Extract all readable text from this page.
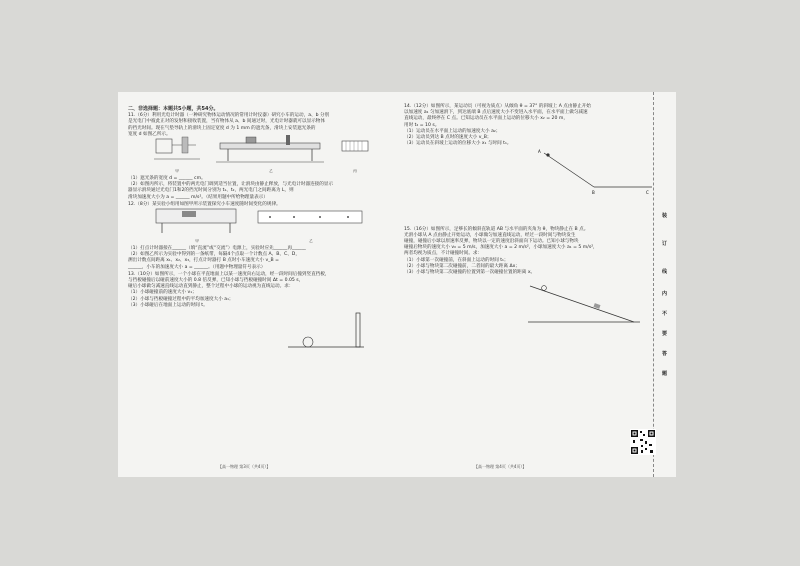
二、非选择题：本题共5小题，共54分。

11.（6分）利用光电计时器（一种研究物体运动情况的常用计时仪器）研究小车的运动，a、b 分别

是光电门中彼此正对的发射和接收装置，当有物体从 a、b 间通过时，光电计时器就可以显示物体

的挡光时间。现在气垫导轨上的滑块上固定宽度 d 为 1 mm 的遮光条，滑块上安装遮光条的

宽度 d 如图乙所示。

甲	乙	丙

（1）遮光条的宽度 d = ______ cm。

（2）如图丙所示，将装置中的两光电门调到适当位置，让滑块由静止释放，与光电计时器连接的显示

器显示滑块通过光电门1和2的挡光时间分别为 t₁、t₂，两光电门之间距离为 L，则

滑块加速度大小为 a = ______ m/s²。（结果用题中所给物理量表示）

12.（8分）某实验小组用如图甲所示装置探究小车速度随时间变化的规律。

甲	乙

（1）打点计时器接在______（填“直流”或“交流”）电源上，实验时应先______再______

（2）如图乙所示为实验中得到的一条纸带，每隔4个点取一个计数点 A、B、C、D，

测出计数点间距离 x₁、x₂、x₃，打点计时器打 B 点时小车速度大小 v_B =

______，小车的加速度大小 a = ______。（用题中物理量符号表示）

13.（10分）如图所示，一个小球在平直地面上以某一速度向右运动，经一段时间后撞到竖直挡板，

与挡板碰撞后以碰前速度大小的 0.8 倍反弹，已知小球与挡板碰撞时间 Δt = 0.05 s，

碰后小球做匀减速直线运动直到静止，整个过程中小球的运动视为直线运动。求：

（1）小球碰撞前的速度大小 v₁；

（2）小球与挡板碰撞过程中的平均加速度大小 a₁；

（3）小球碰后在地面上运动的时间 t。

【高一物理 第3页（共4页）】

14.（12分）如图所示，某运动员（可视为质点）从倾角 θ = 37° 的斜坡上 A 点由静止开始

以加速度 a₁ 匀加速滑下，到达底端 B 点后速度大小不变进入水平面，在水平面上做匀减速

直线运动，最终停在 C 点。已知运动员在水平面上运动的位移大小 x₂ = 20 m，

用时 t₂ = 10 s。

（1）运动员在水平面上运动的加速度大小 a₂；

（2）运动员到达 B 点时的速度大小 v_B；

（3）运动员在斜坡上运动的位移大小 x₁ 与时间 t₁。

A
B	C

15.（16分）如图所示，足够长的倾斜直轨道 AB 与水平面的夹角为 θ，物块静止在 B 点。

光滑小球从 A 点由静止开始运动，小球做匀加速直线运动，经过一段时间与物块发生

碰撞，碰撞后小球以原速率反弹，物块以一定的速度沿斜面向下运动。已知小球与物块

碰撞后物块的速度大小 v₀ = 5 m/s，加速度大小 a = 2 m/s²，小球加速度大小 a₁ = 5 m/s²，

两者均视为质点，不计碰撞时间。求：

（1）小球第一次碰撞前，在斜面上运动的时间 t₁；

（2）小球与物块第二次碰撞前，二者间的最大距离 Δx；

（3）小球与物块第二次碰撞的位置到第一次碰撞位置的距离 x。

【高一物理 第4页（共4页）】
装
订
线
内
不
要
答
题
